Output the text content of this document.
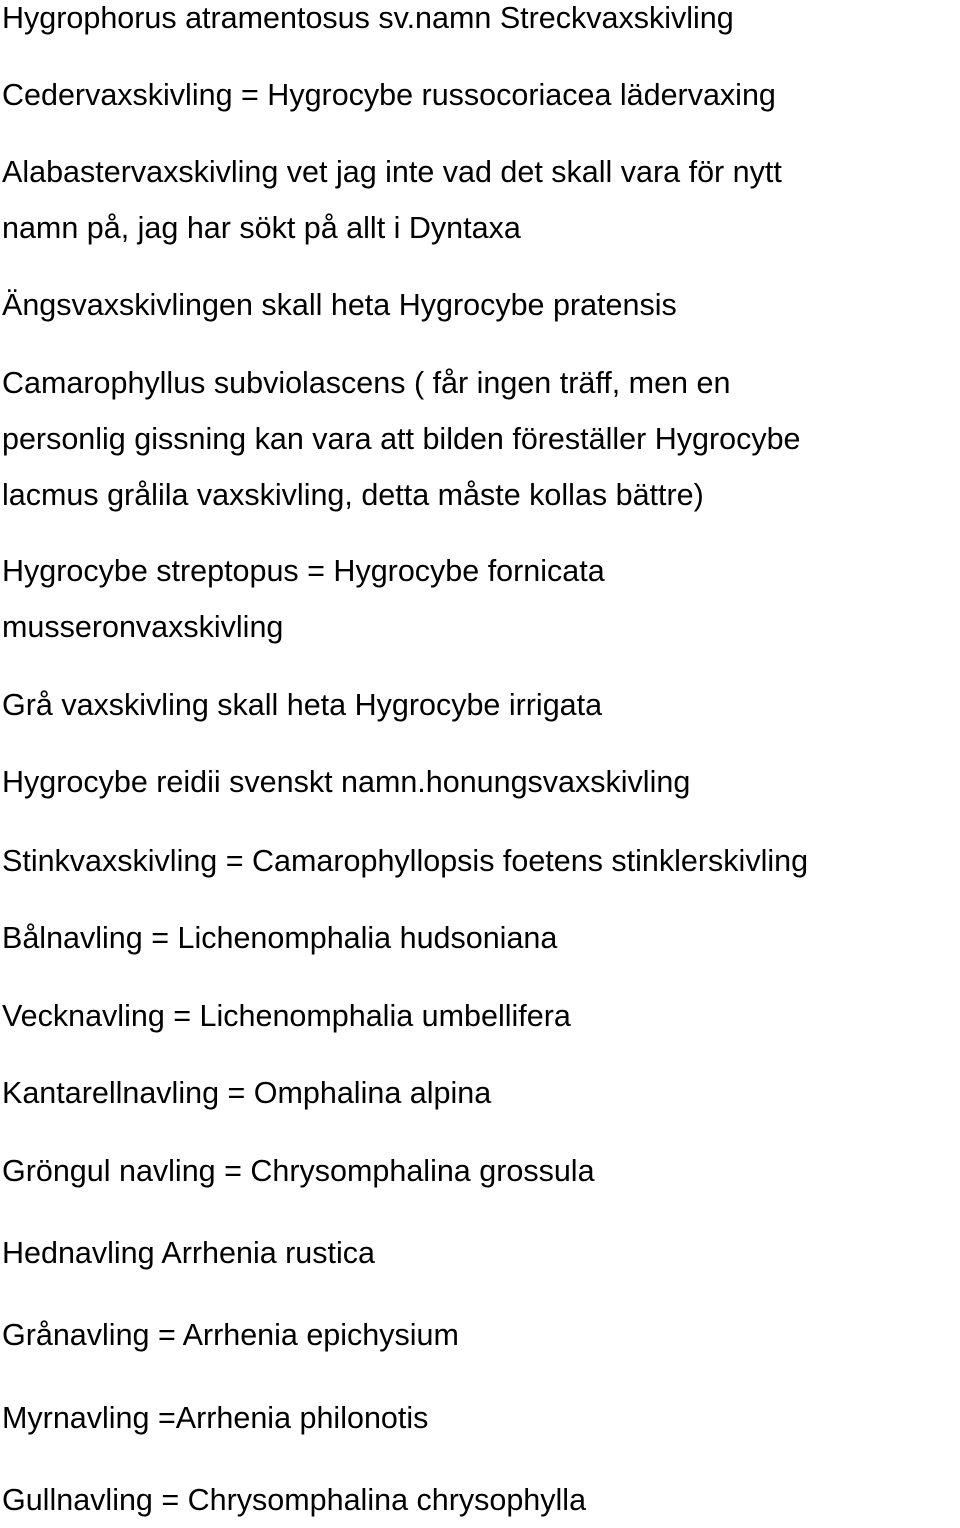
Hygrophorus atramentosus sv.namn Streckvaxskivling

Cedervaxskivling = Hygrocybe russocoriacea lädervaxing

Alabastervaxskivling vet jag inte vad det skall vara för nytt
namn på, jag har sökt på allt i Dyntaxa

Ängsvaxskivlingen skall heta Hygrocybe pratensis

Camarophyllus subviolascens ( får ingen träff, men en
personlig gissning kan vara att bilden föreställer Hygrocybe
lacmus grålila vaxskivling, detta måste kollas bättre)

Hygrocybe streptopus = Hygrocybe fornicata
musseronvaxskivling

Grå vaxskivling skall heta Hygrocybe irrigata

Hygrocybe reidii svenskt namn.honungsvaxskivling

Stinkvaxskivling = Camarophyllopsis foetens stinklerskivling

Bålnavling = Lichenomphalia hudsoniana

Vecknavling = Lichenomphalia umbellifera

Kantarellnavling = Omphalina alpina

Gröngul navling = Chrysomphalina grossula

Hednavling Arrhenia rustica

Grånavling = Arrhenia epichysium

Myrnavling =Arrhenia philonotis

Gullnavling = Chrysomphalina chrysophylla
